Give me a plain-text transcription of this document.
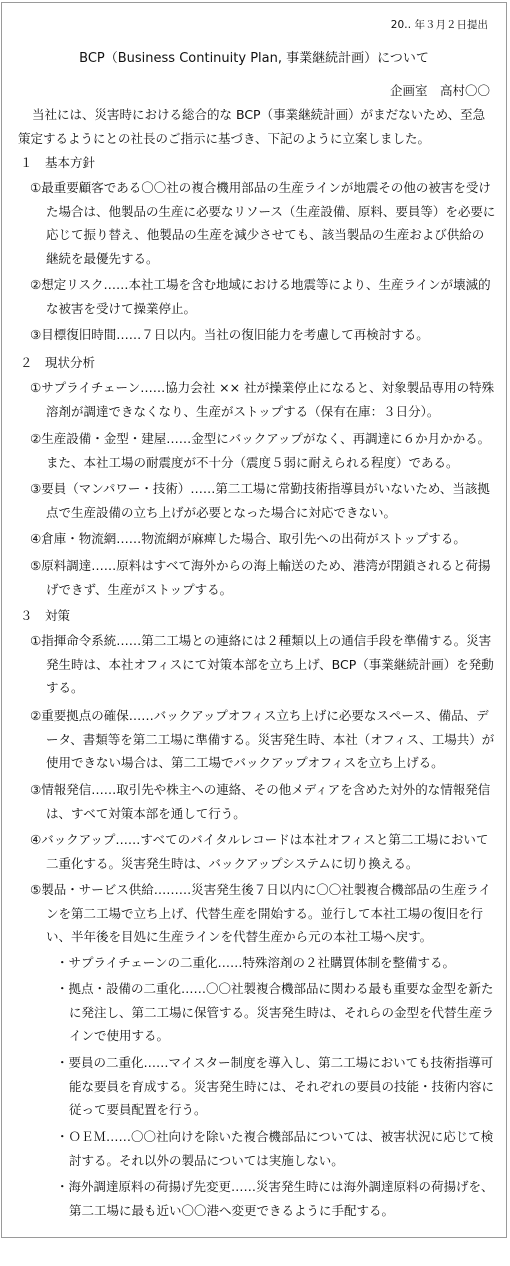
20‥ 年３月２日提出
BCP（Business Continuity Plan, 事業継続計画）について
企画室　高村〇〇
当社には、災害時における総合的な BCP（事業継続計画）がまだないため、至急策定するようにとの社長のご指示に基づき、下記のように立案しました。
１　基本方針
①最重要顧客である〇〇社の複合機用部品の生産ラインが地震その他の被害を受けた場合は、他製品の生産に必要なリソース（生産設備、原料、要員等）を必要に応じて振り替え、他製品の生産を減少させても、該当製品の生産および供給の継続を最優先する。
②想定リスク……本社工場を含む地域における地震等により、生産ラインが壊滅的な被害を受けて操業停止。
③目標復旧時間……７日以内。当社の復旧能力を考慮して再検討する。
２　現状分析
①サプライチェーン……協力会社 ×× 社が操業停止になると、対象製品専用の特殊溶剤が調達できなくなり、生産がストップする（保有在庫：３日分）。
②生産設備・金型・建屋……金型にバックアップがなく、再調達に６か月かかる。また、本社工場の耐震度が不十分（震度５弱に耐えられる程度）である。
③要員（マンパワー・技術）……第二工場に常勤技術指導員がいないため、当該拠点で生産設備の立ち上げが必要となった場合に対応できない。
④倉庫・物流網……物流網が麻痺した場合、取引先への出荷がストップする。
⑤原料調達……原料はすべて海外からの海上輸送のため、港湾が閉鎖されると荷揚げできず、生産がストップする。
３　対策
①指揮命令系統……第二工場との連絡には２種類以上の通信手段を準備する。災害発生時は、本社オフィスにて対策本部を立ち上げ、BCP（事業継続計画）を発動する。
②重要拠点の確保……バックアップオフィス立ち上げに必要なスペース、備品、データ、書類等を第二工場に準備する。災害発生時、本社（オフィス、工場共）が使用できない場合は、第二工場でバックアップオフィスを立ち上げる。
③情報発信……取引先や株主への連絡、その他メディアを含めた対外的な情報発信は、すべて対策本部を通して行う。
④バックアップ……すべてのバイタルレコードは本社オフィスと第二工場において二重化する。災害発生時は、バックアップシステムに切り換える。
⑤製品・サービス供給………災害発生後７日以内に〇〇社製複合機部品の生産ラインを第二工場で立ち上げ、代替生産を開始する。並行して本社工場の復旧を行い、半年後を目処に生産ラインを代替生産から元の本社工場へ戻す。
・サプライチェーンの二重化……特殊溶剤の２社購買体制を整備する。
・拠点・設備の二重化……〇〇社製複合機部品に関わる最も重要な金型を新たに発注し、第二工場に保管する。災害発生時は、それらの金型を代替生産ラインで使用する。
・要員の二重化……マイスター制度を導入し、第二工場においても技術指導可能な要員を育成する。災害発生時には、それぞれの要員の技能・技術内容に従って要員配置を行う。
・ＯＥＭ……〇〇社向けを除いた複合機部品については、被害状況に応じて検討する。それ以外の製品については実施しない。
・海外調達原料の荷揚げ先変更……災害発生時には海外調達原料の荷揚げを、第二工場に最も近い〇〇港へ変更できるように手配する。
